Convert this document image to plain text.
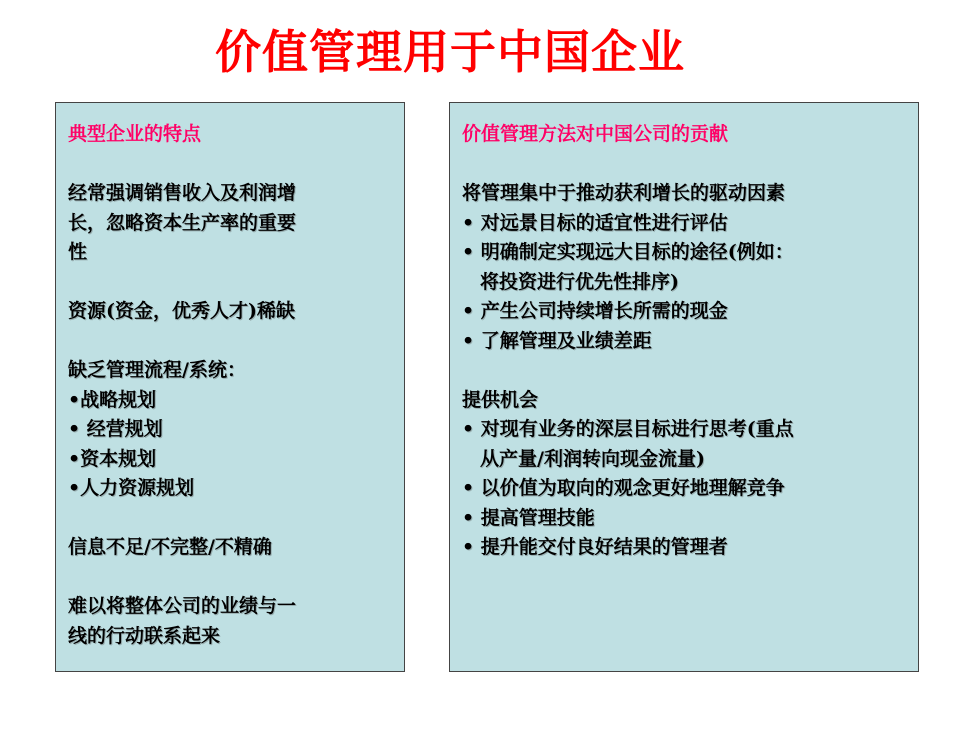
价值管理用于中国企业
典型企业的特点
经常强调销售收入及利润增
长，忽略资本生产率的重要
性
资源(资金，优秀人才)稀缺
缺乏管理流程/系统：
•战略规划
• 经营规划
•资本规划
•人力资源规划
信息不足/不完整/不精确
难以将整体公司的业绩与一
线的行动联系起来
价值管理方法对中国公司的贡献
将管理集中于推动获利增长的驱动因素
• 对远景目标的适宜性进行评估
• 明确制定实现远大目标的途径(例如：
将投资进行优先性排序)
• 产生公司持续增长所需的现金
• 了解管理及业绩差距
提供机会
• 对现有业务的深层目标进行思考(重点
从产量/利润转向现金流量)
• 以价值为取向的观念更好地理解竞争
• 提高管理技能
• 提升能交付良好结果的管理者
